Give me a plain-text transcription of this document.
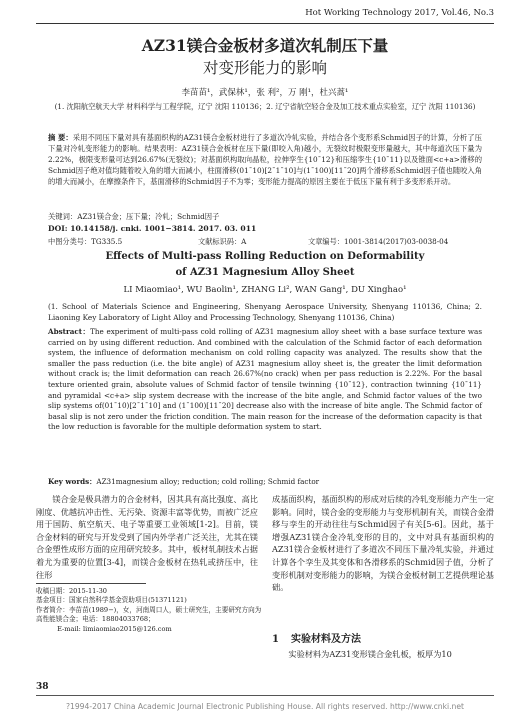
Hot Working Technology 2017, Vol.46, No.3
AZ31镁合金板材多道次轧制压下量
对变形能力的影响
李苗苗¹，武保林¹，张 利²，万 刚¹，杜兴蒿¹
(1. 沈阳航空航天大学 材料科学与工程学院，辽宁 沈阳 110136；2. 辽宁省航空轻合金及加工技术重点实验室，辽宁 沈阳 110136)
摘 要：采用不同压下量对具有基面织构的AZ31镁合金板材进行了多道次冷轧实验，并结合各个变形系Schmid因子的计算，分析了压下量对冷轧变形能力的影响。结果表明：AZ31镁合金板材在压下量(即咬入角)越小，无裂纹时极限变形量越大，其中每道次压下量为2.22%，极限变形量可达到26.67%(无裂纹)；对基面织构取向晶粒，拉伸孪生{10¯12}和压缩孪生{10¯11}以及锥面<c+a>滑移的Schmid因子绝对值均随着咬入角的增大而减小，柱面滑移(01¯10)[2¯1¯10]与(1¯100)[11¯20]两个滑移系Schmid因子值也随咬入角的增大而减小，在摩擦条件下，基面滑移的Schmid因子不为零；变形能力提高的原因主要在于低压下量有利于多变形系开动。
关键词：AZ31镁合金；压下量；冷轧；Schmid因子
DOI: 10.14158/j. cnki. 1001−3814. 2017. 03. 011
中图分类号：TG335.5	文献标识码：A	文章编号：1001-3814(2017)03-0038-04
Effects of Multi-pass Rolling Reduction on Deformability
of AZ31 Magnesium Alloy Sheet
LI Miaomiao¹, WU Baolin¹, ZHANG Li², WAN Gang¹, DU Xinghao¹
(1. School of Materials Science and Engineering, Shenyang Aerospace University, Shenyang 110136, China; 2. Liaoning Key Laboratory of Light Alloy and Processing Technology, Shenyang 110136, China)
Abstract：The experiment of multi-pass cold rolling of AZ31 magnesium alloy sheet with a base surface texture was carried on by using different reduction. And combined with the calculation of the Schmid factor of each deformation system, the influence of deformation mechanism on cold rolling capacity was analyzed. The results show that the smaller the pass reduction (i.e. the bite angle) of AZ31 magnesium alloy sheet is, the greater the limit deformation without crack is; the limit deformation can reach 26.67%(no crack) when per pass reduction is 2.22%. For the basal texture oriented grain, absolute values of Schmid factor of tensile twinning {10¯12}, contraction twinning {10¯11} and pyramidal <c+a> slip system decrease with the increase of the bite angle, and Schmid factor values of the two slip systems of(01¯10)[2¯1¯10] and (1¯100)[11¯20] decrease also with the increase of bite angle. The Schmid factor of basal slip is not zero under the friction condition. The main reason for the increase of the deformation capacity is that the low reduction is favorable for the multiple deformation system to start.
Key words：AZ31magnesium alloy; reduction; cold rolling; Schmid factor
镁合金是极具潜力的合金材料，因其具有高比强度、高比刚度、优越抗冲击性、无污染、资源丰富等优势，而被广泛应用于国防、航空航天、电子等重要工业领域[1-2]。目前，镁合金材料的研究与开发受到了国内外学者广泛关注，尤其在镁合金塑性成形方面的应用研究较多。其中，板材轧制技术占据着尤为重要的位置[3-4]，而镁合金板材在热轧或挤压中，往往形
成基面织构，基面织构的形成对后续的冷轧变形能力产生一定影响。同时，镁合金的变形能力与变形机制有关，而镁合金滑移与孪生的开动往往与Schmid因子有关[5-6]。因此，基于增强AZ31镁合金冷轧变形的目的，文中对具有基面织构的AZ31镁合金板材进行了多道次不同压下量冷轧实验，并通过计算各个孪生及其变体和各滑移系的Schmid因子值，分析了变形机制对变形能力的影响，为镁合金板材制工艺提供理论基础。
收稿日期：2015-11-30
基金项目：国家自然科学基金资助项目(51371121)
作者简介：李苗苗(1989−)，女，河南周口人，硕士研究生，主要研究方向为高性能镁合金；电话：18804033768；
E-mail: limiaomiao2015@126.com
1 实验材料及方法
实验材料为AZ31变形镁合金轧板，板厚为10
38
?1994-2017 China Academic Journal Electronic Publishing House. All rights reserved. http://www.cnki.net
